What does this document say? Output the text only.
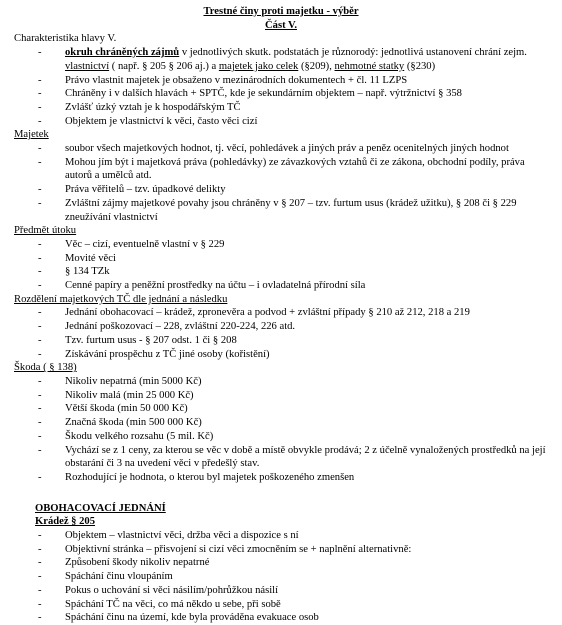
Trestné činy proti majetku - výběr
Část V.
Charakteristika hlavy V.
- okruh chráněných zájmů v jednotlivých skutk. podstatách je různorodý: jednotlivá ustanovení chrání zejm. vlastnictví ( např. § 205 § 206 aj.) a majetek jako celek (§209), nehmotné statky (§230)
- Právo vlastnit majetek je obsaženo v mezinárodních dokumentech + čl. 11 LZPS
- Chráněny i v dalších hlavách + SPTČ, kde je sekundárním objektem – např. výtržnictví § 358
- Zvlášť úzký vztah je k hospodářským TČ
- Objektem je vlastnictví k věci, často věci cizí
Majetek
- soubor všech majetkových hodnot, tj. věcí, pohledávek a jiných práv a peněz ocenitelných jiných hodnot
- Mohou jím být i majetková práva (pohledávky) ze závazkových vztahů či ze zákona, obchodní podíly, práva autorů a umělců atd.
- Práva věřitelů – tzv. úpadkové delikty
- Zvláštní zájmy majetkové povahy jsou chráněny v § 207 – tzv. furtum usus (krádež užitku), § 208 či § 229 zneužívání vlastnictví
Předmět útoku
- Věc – cizí, eventuelně vlastní v § 229
- Movité věci
- § 134 TZk
- Cenné papíry a peněžní prostředky na účtu – i ovladatelná přírodní síla
Rozdělení majetkových TČ dle jednání a následku
- Jednání obohacovací – krádež, zpronevěra a podvod + zvláštní případy § 210 až 212, 218 a 219
- Jednání poškozovací – 228, zvláštní 220-224, 226 atd.
- Tzv. furtum usus - § 207 odst. 1 či § 208
- Získávání prospěchu z TČ jiné osoby (kořistění)
Škoda ( § 138)
- Nikoliv nepatrná (min 5000 Kč)
- Nikoliv malá (min 25 000 Kč)
- Větší škoda (min 50 000 Kč)
- Značná škoda (min 500 000 Kč)
- Škodu velkého rozsahu (5 mil. Kč)
- Vychází se z 1 ceny, za kterou se věc v době a místě obvykle prodává; 2 z účelně vynaložených prostředků na její obstarání či 3 na uvedení věci v předešlý stav.
- Rozhodující je hodnota, o kterou byl majetek poškozeného zmenšen
OBOHACOVACÍ JEDNÁNÍ
Krádež § 205
- Objektem – vlastnictví věci, držba věci a dispozice s ní
- Objektivní stránka – přisvojení si cizí věci zmocněním se + naplnění alternativně:
- Způsobení škody nikoliv nepatrné
- Spáchání činu vloupáním
- Pokus o uchování si věci násilím/pohrůžkou násilí
- Spáchání TČ na věci, co má někdo u sebe, při sobě
- Spáchání činu na území, kde byla prováděna evakuace osob
